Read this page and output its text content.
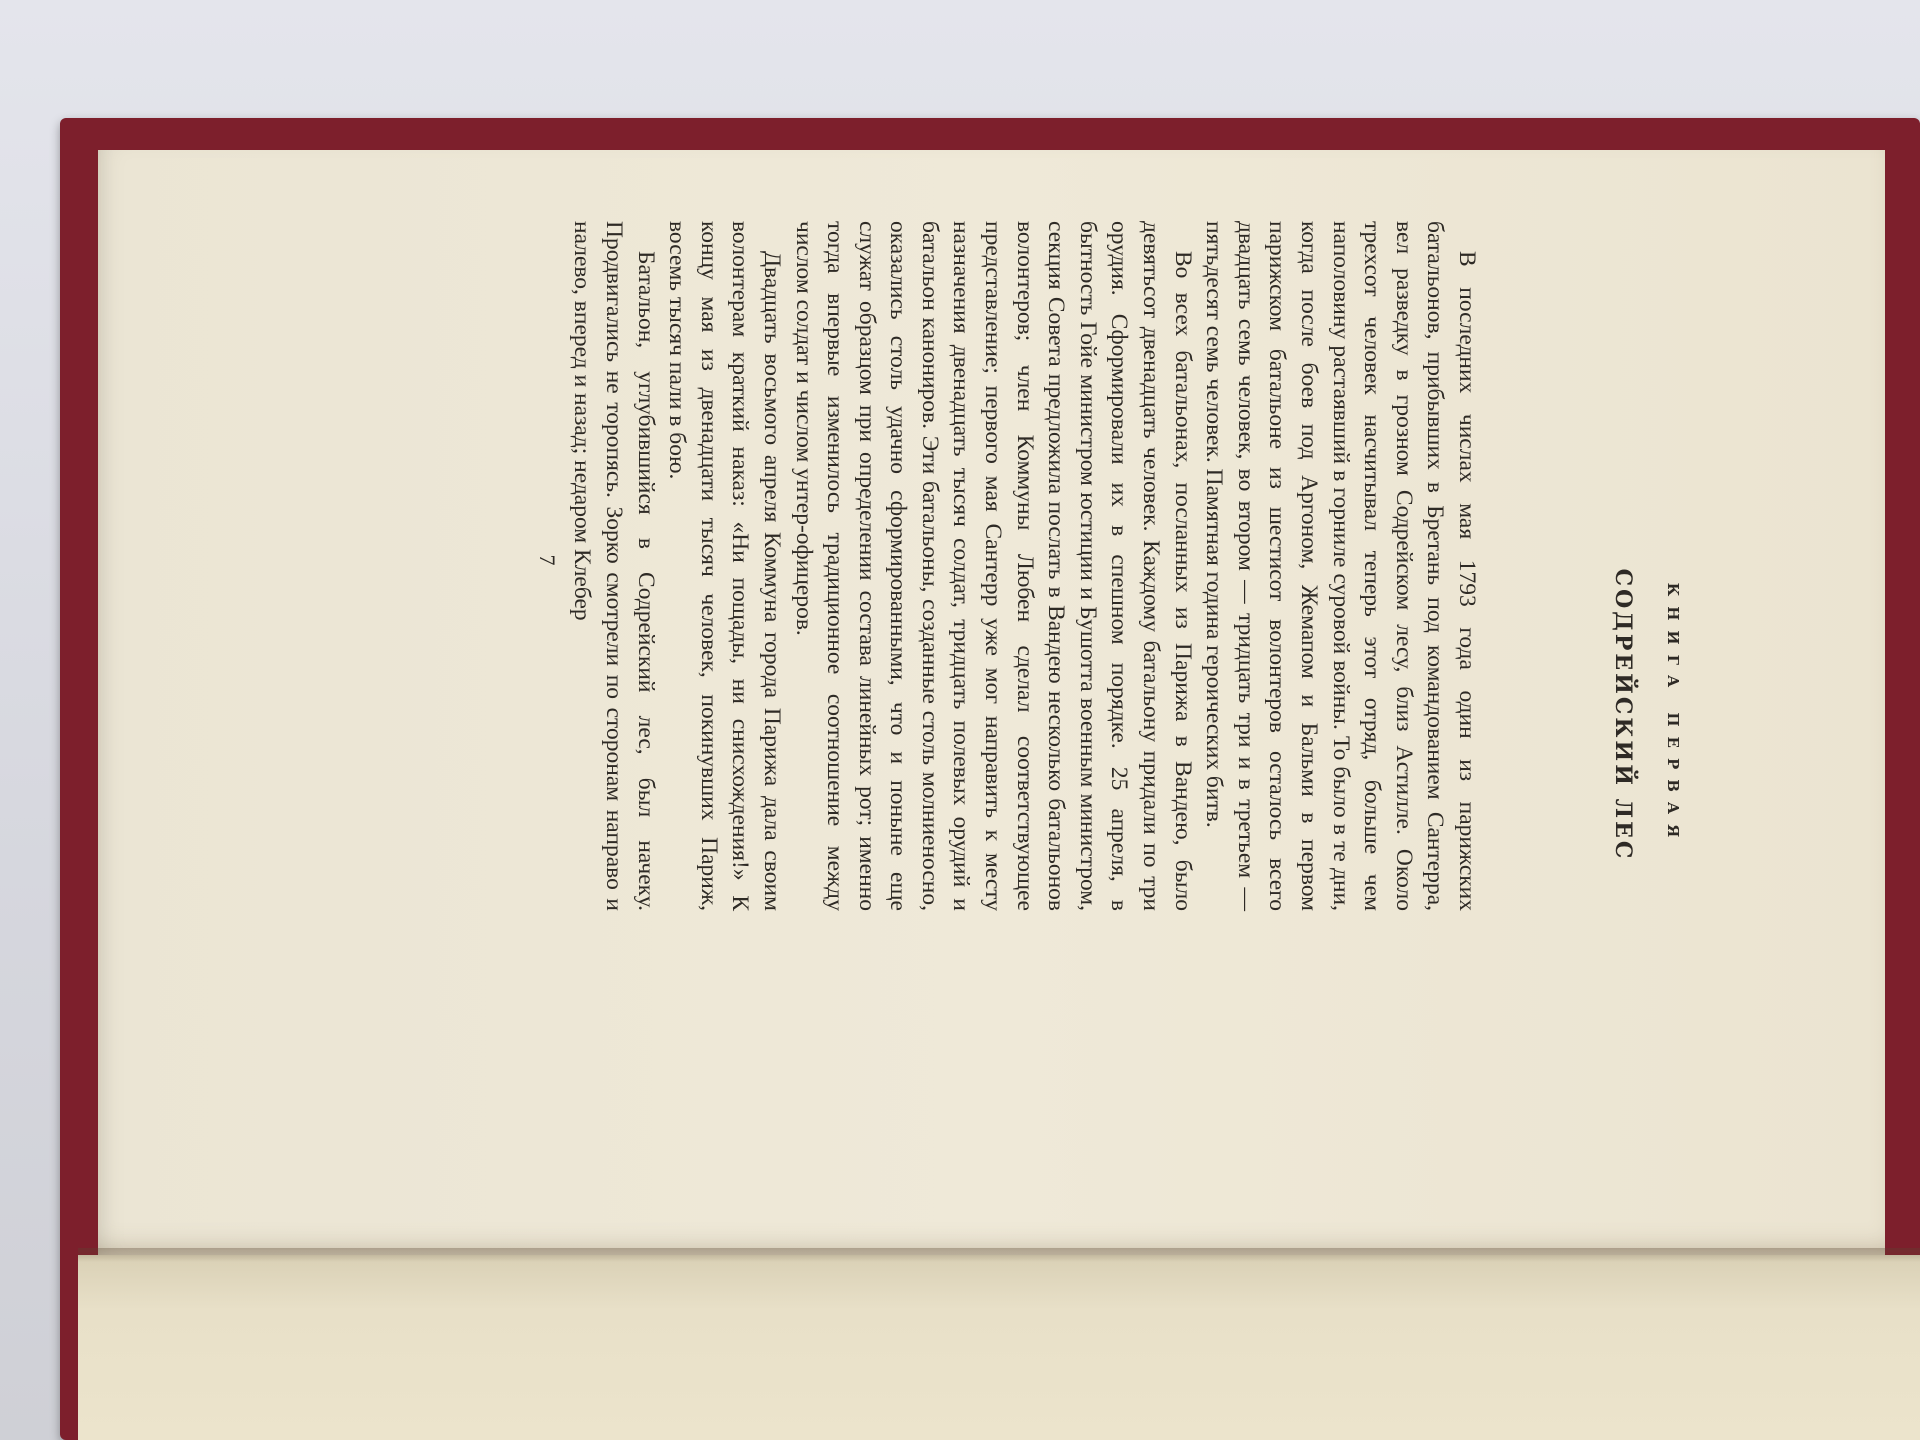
КНИГА ПЕРВАЯ
СОДРЕЙСКИЙ ЛЕС

В последних числах мая 1793 года один из парижских батальонов, прибывших в Бретань под командованием Сантерра, вел разведку в грозном Содрейском лесу, близ Астилле. Около трехсот человек насчитывал теперь этот отряд, больше чем наполовину растаявший в горниле суровой войны. То было в те дни, когда после боев под Аргоном, Жемапом и Бальми в первом парижском батальоне из шестисот волонтеров осталось всего двадцать семь человек, во втором — тридцать три и в третьем — пятьдесят семь человек. Памятная година героических битв.

Во всех батальонах, посланных из Парижа в Вандею, было девятьсот двенадцать человек. Каждому батальону придали по три орудия. Сформировали их в спешном порядке. 25 апреля, в бытность Гойе министром юстиции и Бушотта военным министром, секция Совета предложила послать в Вандею несколько батальонов волонтеров; член Коммуны Любен сделал соответствующее представление; первого мая Сантерр уже мог направить к месту назначения двенадцать тысяч солдат, тридцать полевых орудий и батальон канониров. Эти батальоны, созданные столь молниеносно, оказались столь удачно сформированными, что и поныне еще служат образцом при определении состава линейных рот; именно тогда впервые изменилось традиционное соотношение между числом солдат и числом унтер-офицеров.

Двадцать восьмого апреля Коммуна города Парижа дала своим волонтерам краткий наказ: «Ни пощады, ни снисхождения!» К концу мая из двенадцати тысяч человек, покинувших Париж, восемь тысяч пали в бою.

Батальон, углубившийся в Содрейский лес, был начеку. Продвигались не торопясь. Зорко смотрели по сторонам направо и налево, вперед и назад; недаром Клебер

7
